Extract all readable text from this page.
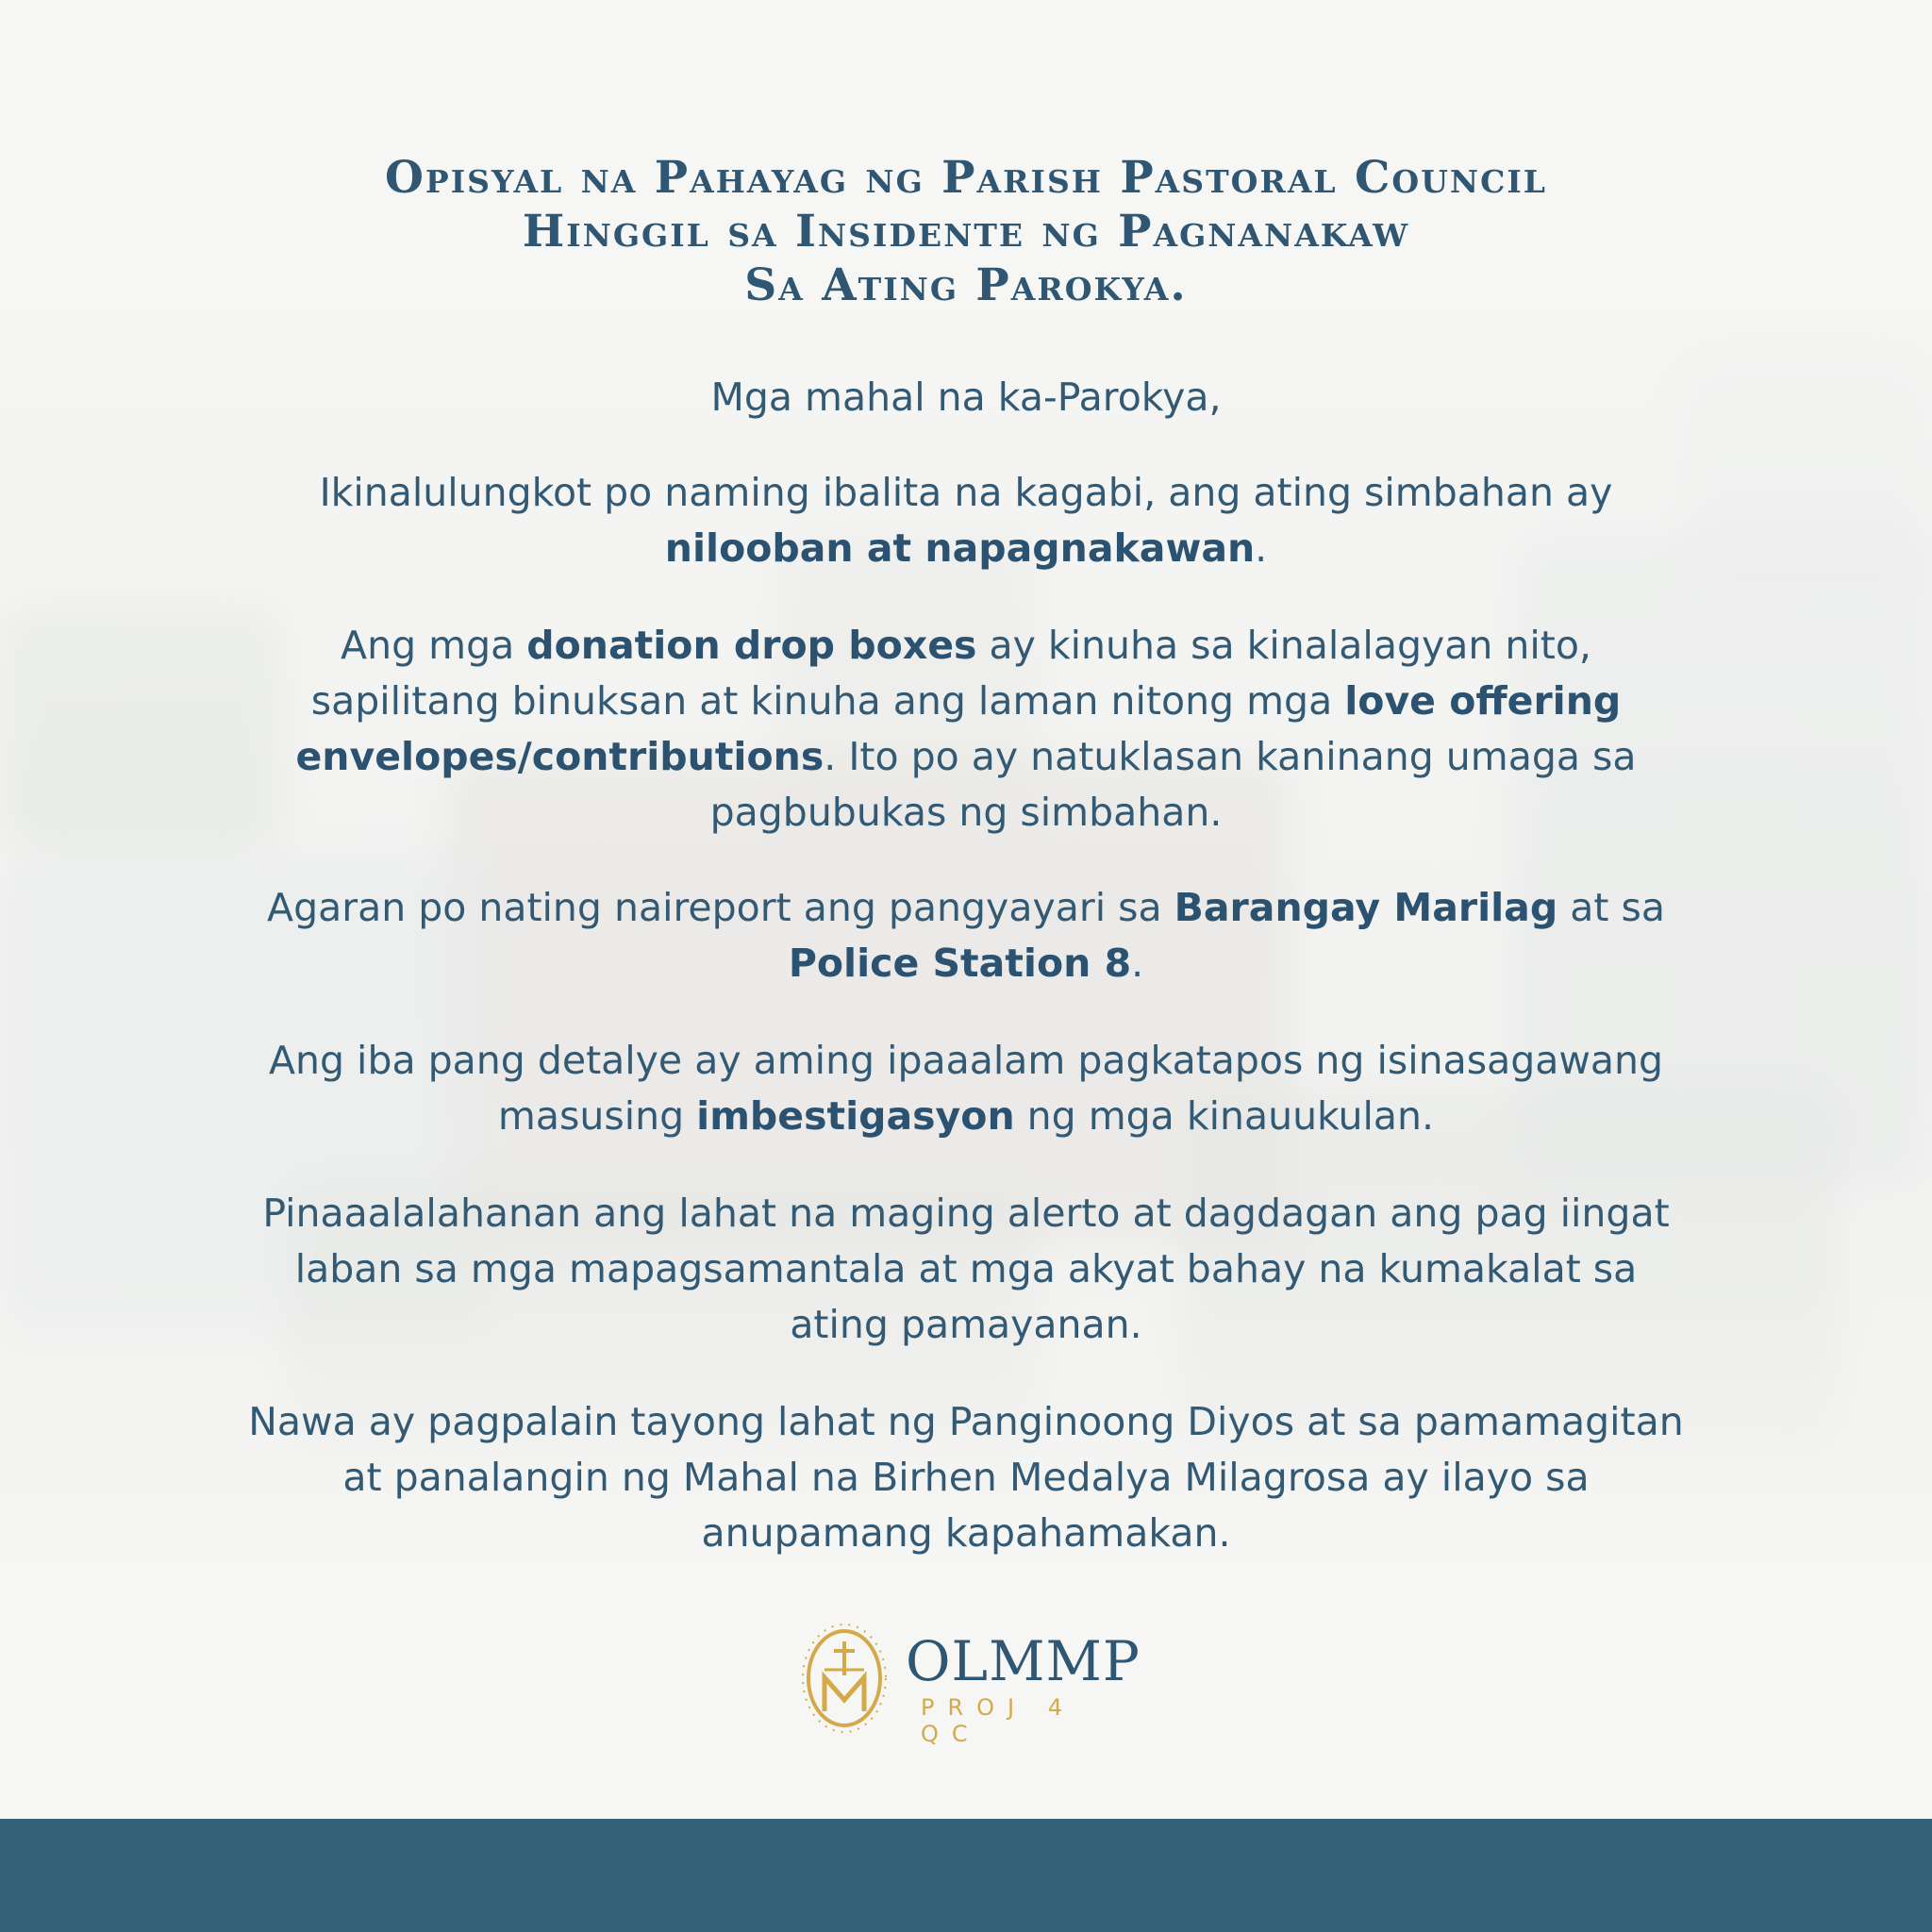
Opisyal na Pahayag ng Parish Pastoral Council
Hinggil sa Insidente ng Pagnanakaw
Sa Ating Parokya.
Mga mahal na ka-Parokya,
Ikinalulungkot po naming ibalita na kagabi, ang ating simbahan ay
nilooban at napagnakawan.
Ang mga donation drop boxes ay kinuha sa kinalalagyan nito, sapilitang binuksan at kinuha ang laman nitong mga love offering envelopes/contributions. Ito po ay natuklasan kaninang umaga sa pagbubukas ng simbahan.
Agaran po nating naireport ang pangyayari sa Barangay Marilag at sa
Police Station 8.
Ang iba pang detalye ay aming ipaaalam pagkatapos ng isinasagawang masusing imbestigasyon ng mga kinauukulan.
Pinaaalalahanan ang lahat na maging alerto at dagdagan ang pag iingat laban sa mga mapagsamantala at mga akyat bahay na kumakalat sa ating pamayanan.
Nawa ay pagpalain tayong lahat ng Panginoong Diyos at sa pamamagitan at panalangin ng Mahal na Birhen Medalya Milagrosa ay ilayo sa anupamang kapahamakan.
OLMMP
PROJ 4 QC
